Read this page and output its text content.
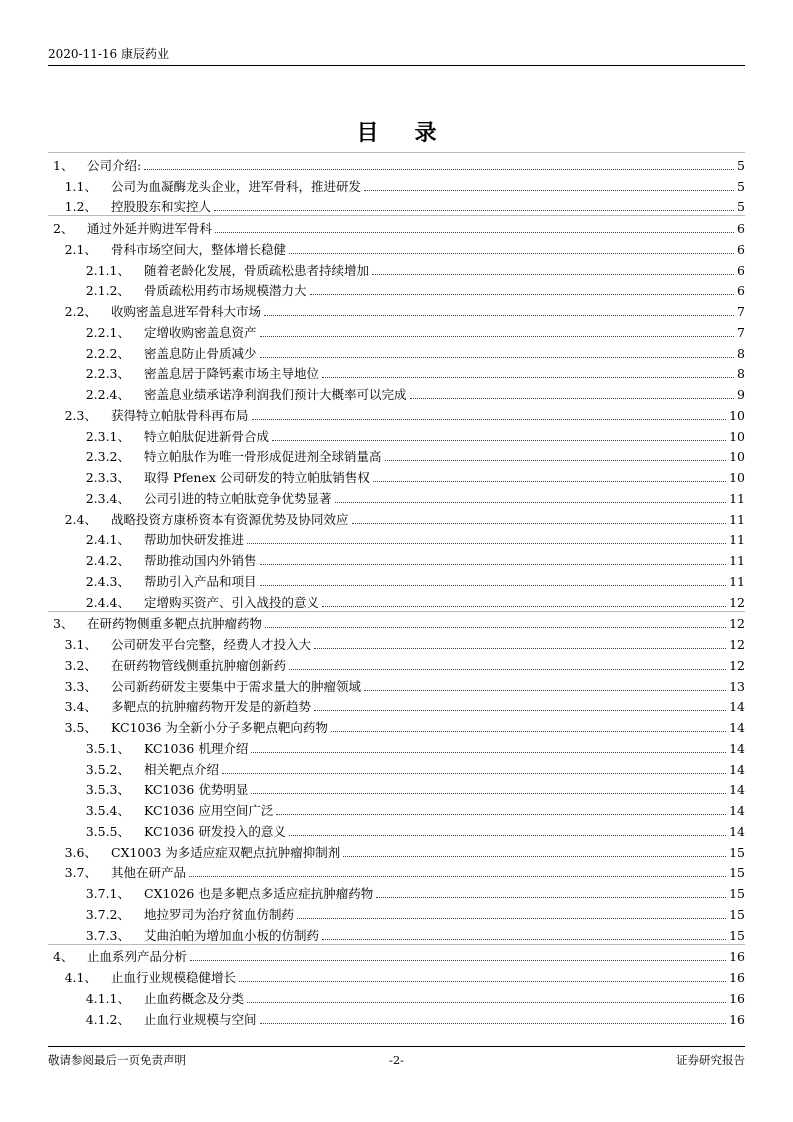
2020-11-16 康辰药业
目 录
1、 公司介绍:	5
1.1、	公司为血凝酶龙头企业，进军骨科，推进研发	5
1.2、	控股股东和实控人	5
2、 通过外延并购进军骨科	6
2.1、	骨科市场空间大，整体增长稳健	6
2.1.1、	随着老龄化发展，骨质疏松患者持续增加	6
2.1.2、	骨质疏松用药市场规模潜力大	6
2.2、	收购密盖息进军骨科大市场	7
2.2.1、	定增收购密盖息资产	7
2.2.2、	密盖息防止骨质减少	8
2.2.3、	密盖息居于降钙素市场主导地位	8
2.2.4、	密盖息业绩承诺净利润我们预计大概率可以完成	9
2.3、	获得特立帕肽骨科再布局	10
2.3.1、	特立帕肽促进新骨合成	10
2.3.2、	特立帕肽作为唯一骨形成促进剂全球销量高	10
2.3.3、	取得 Pfenex 公司研发的特立帕肽销售权	10
2.3.4、	公司引进的特立帕肽竞争优势显著	11
2.4、	战略投资方康桥资本有资源优势及协同效应	11
2.4.1、	帮助加快研发推进	11
2.4.2、	帮助推动国内外销售	11
2.4.3、	帮助引入产品和项目	11
2.4.4、	定增购买资产、引入战投的意义	12
3、 在研药物侧重多靶点抗肿瘤药物	12
3.1、	公司研发平台完整，经费人才投入大	12
3.2、	在研药物管线侧重抗肿瘤创新药	12
3.3、	公司新药研发主要集中于需求量大的肿瘤领域	13
3.4、	多靶点的抗肿瘤药物开发是的新趋势	14
3.5、	KC1036 为全新小分子多靶点靶向药物	14
3.5.1、	KC1036 机理介绍	14
3.5.2、	相关靶点介绍	14
3.5.3、	KC1036 优势明显	14
3.5.4、	KC1036 应用空间广泛	14
3.5.5、	KC1036 研发投入的意义	14
3.6、	CX1003 为多适应症双靶点抗肿瘤抑制剂	15
3.7、	其他在研产品	15
3.7.1、	CX1026 也是多靶点多适应症抗肿瘤药物	15
3.7.2、	地拉罗司为治疗贫血仿制药	15
3.7.3、	艾曲泊帕为增加血小板的仿制药	15
4、 止血系列产品分析	16
4.1、	止血行业规模稳健增长	16
4.1.1、	止血药概念及分类	16
4.1.2、	止血行业规模与空间	16
敬请参阅最后一页免责声明	-2-	证券研究报告
